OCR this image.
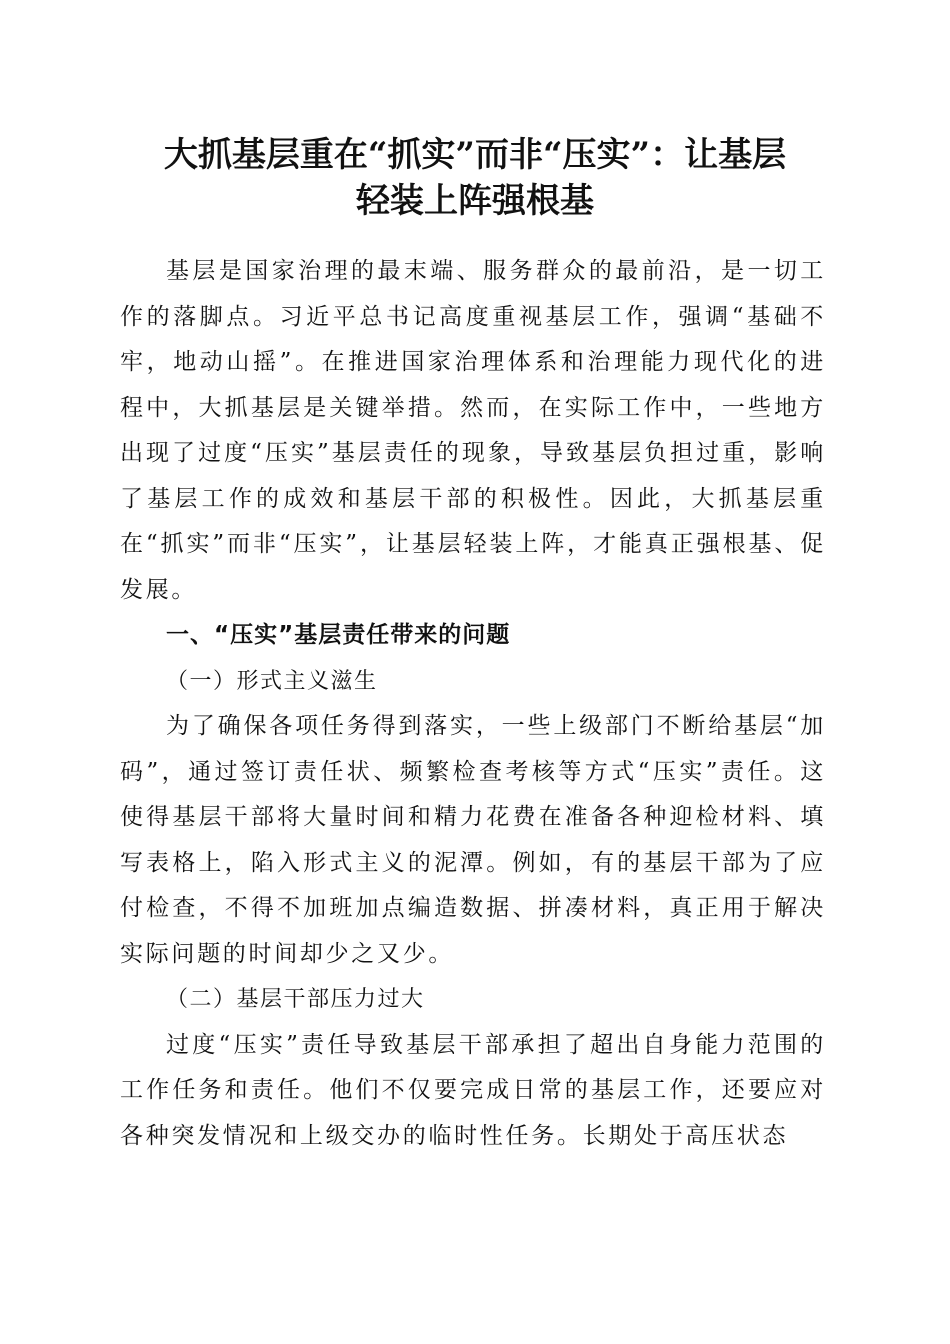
大抓基层重在“抓实”而非“压实”：让基层
轻装上阵强根基

基层是国家治理的最末端、服务群众的最前沿，是一切工作的落脚点。习近平总书记高度重视基层工作，强调“基础不牢，地动山摇”。在推进国家治理体系和治理能力现代化的进程中，大抓基层是关键举措。然而，在实际工作中，一些地方出现了过度“压实”基层责任的现象，导致基层负担过重，影响了基层工作的成效和基层干部的积极性。因此，大抓基层重在“抓实”而非“压实”，让基层轻装上阵，才能真正强根基、促发展。

一、“压实”基层责任带来的问题

（一）形式主义滋生

为了确保各项任务得到落实，一些上级部门不断给基层“加码”，通过签订责任状、频繁检查考核等方式“压实”责任。这使得基层干部将大量时间和精力花费在准备各种迎检材料、填写表格上，陷入形式主义的泥潭。例如，有的基层干部为了应付检查，不得不加班加点编造数据、拼凑材料，真正用于解决实际问题的时间却少之又少。

（二）基层干部压力过大

过度“压实”责任导致基层干部承担了超出自身能力范围的工作任务和责任。他们不仅要完成日常的基层工作，还要应对各种突发情况和上级交办的临时性任务。长期处于高压状态
